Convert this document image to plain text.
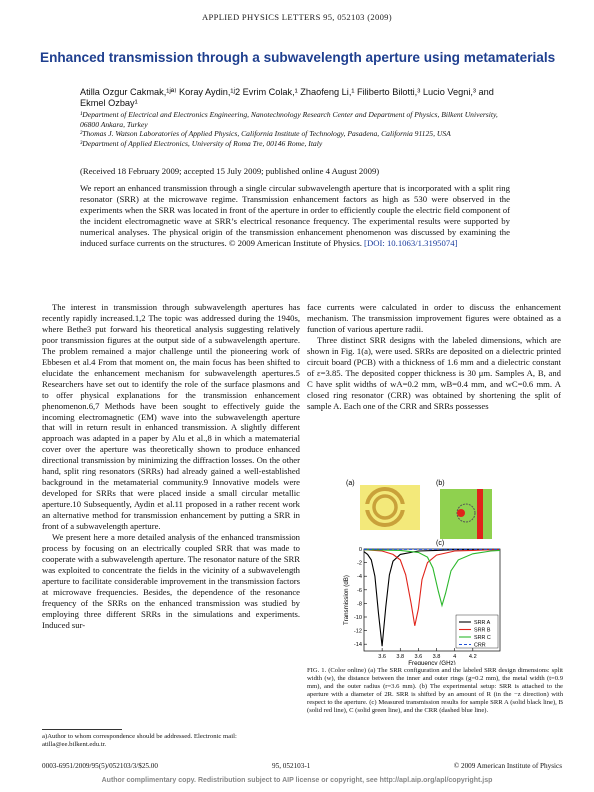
APPLIED PHYSICS LETTERS 95, 052103 (2009)
Enhanced transmission through a subwavelength aperture using metamaterials
Atilla Ozgur Cakmak,¹ʲª⁾ Koray Aydin,¹ʲ2 Evrim Colak,¹ Zhaofeng Li,¹ Filiberto Bilotti,³ Lucio Vegni,³ and Ekmel Ozbay¹
¹Department of Electrical and Electronics Engineering, Nanotechnology Research Center and Department of Physics, Bilkent University, 06800 Ankara, Turkey
²Thomas J. Watson Laboratories of Applied Physics, California Institute of Technology, Pasadena, California 91125, USA
³Department of Applied Electronics, University of Roma Tre, 00146 Rome, Italy
(Received 18 February 2009; accepted 15 July 2009; published online 4 August 2009)
We report an enhanced transmission through a single circular subwavelength aperture that is incorporated with a split ring resonator (SRR) at the microwave regime. Transmission enhancement factors as high as 530 were observed in the experiments when the SRR was located in front of the aperture in order to efficiently couple the electric field component of the incident electromagnetic wave at SRR’s electrical resonance frequency. The experimental results were supported by numerical analyses. The physical origin of the transmission enhancement phenomenon was discussed by examining the induced surface currents on the structures. © 2009 American Institute of Physics. [DOI: 10.1063/1.3195074]

The interest in transmission through subwavelength apertures has recently rapidly increased.1,2 The topic was addressed during the 1940s, where Bethe3 put forward his theoretical analysis suggesting relatively poor transmission figures at the output side of a subwavelength aperture. The problem remained a major challenge until the pioneering work of Ebbesen et al.4 From that moment on, the main focus has been shifted to elucidate the enhancement mechanism for subwavelength apertures.5 Researchers have set out to identify the role of the surface plasmons and to offer physical explanations for the transmission enhancement phenomenon.6,7 Methods have been sought to effectively guide the incoming electromagnetic (EM) wave into the subwavelength aperture that will in return result in enhanced transmission. A slightly different approach was adapted in a paper by Alu et al.,8 in which a matematerial cover over the aperture was theoretically shown to produce enhanced directional transmission by minimizing the diffraction losses. On the other hand, split ring resonators (SRRs) had already gained a well-established background in the metamaterial community.9 Innovative models were developed for SRRs that were placed inside a small circular metallic aperture.10 Subsequently, Aydin et al.11 proposed in a rather recent work an alternative method for transmission enhancement by putting a SRR in front of a subwavelength aperture.

We present here a more detailed analysis of the enhanced transmission process by focusing on an electrically coupled SRR that was made to cooperate with a subwavelength aperture. The resonator nature of the SRR was exploited to concentrate the fields in the vicinity of a subwavelength aperture to facilitate considerable improvement in the transmission factors at microwave frequencies. Besides, the dependence of the resonance frequency of the SRRs on the enhanced transmission was studied by employing three different SRRs in the simulations and experiments. Induced sur-

face currents were calculated in order to discuss the enhancement mechanism. The transmission improvement figures were obtained as a function of various aperture radii.

Three distinct SRR designs with the labeled dimensions, which are shown in Fig. 1(a), were used. SRRs are deposited on a dielectric printed circuit board (PCB) with a thickness of 1.6 mm and a dielectric constant of ε=3.85. The deposited copper thickness is 30 μm. Samples A, B, and C have split widths of wA=0.2 mm, wB=0.4 mm, and wC=0.6 mm. A closed ring resonator (CRR) was obtained by shortening the split of sample A. Each one of the CRR and SRRs possesses

(a)	(b)
(c)
0
-2
-4
-6
-8
-10
-12
-14
3.6 3.8 3.6 3.8 4 4.2
Frequency (GHz)
Transmission (dB)	SRR A
SRR B
SRR C
CRR
FIG. 1. (Color online) (a) The SRR configuration and the labeled SRR design dimensions: split width (w), the distance between the inner and outer rings (g=0.2 mm), the metal width (t=0.9 mm), and the outer radius (r=3.6 mm). (b) The experimental setup: SRR is attached to the aperture with a diameter of 2R. SRR is shifted by an amount of R (in the −z direction) with respect to the aperture. (c) Measured transmission results for sample SRR A (solid black line), B (solid red line), C (solid green line), and the CRR (dashed blue line).
a)Author to whom correspondence should be addressed. Electronic mail: atilla@ee.bilkent.edu.tr.
0003-6951/2009/95(5)/052103/3/$25.00	95, 052103-1	© 2009 American Institute of Physics
Author complimentary copy. Redistribution subject to AIP license or copyright, see http://apl.aip.org/apl/copyright.jsp
